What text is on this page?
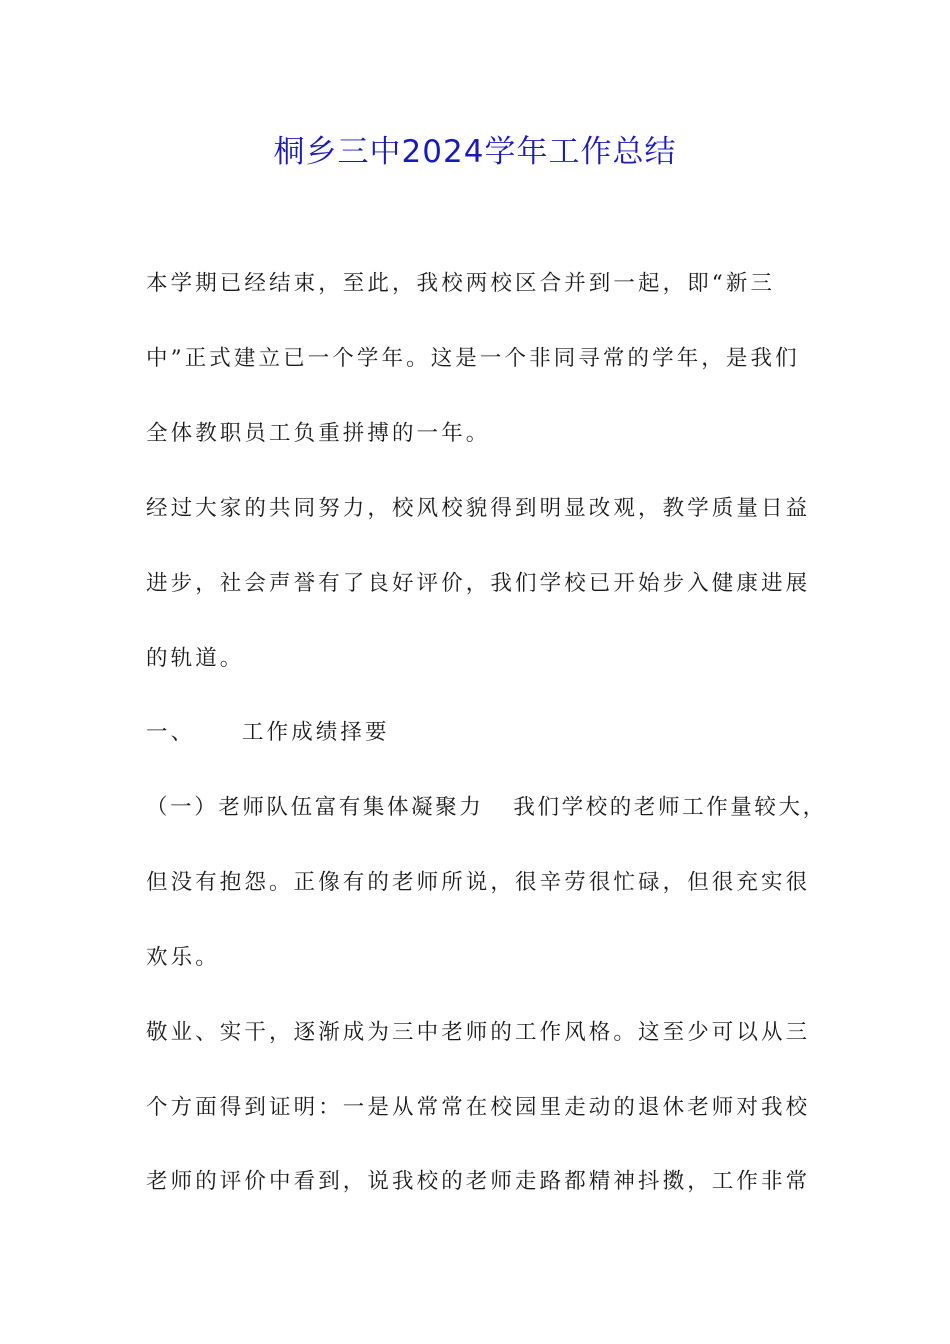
桐乡三中2024学年工作总结
本学期已经结束，至此，我校两校区合并到一起，即“新三
中”正式建立已一个学年。这是一个非同寻常的学年，是我们
全体教职员工负重拼搏的一年。
经过大家的共同努力，校风校貌得到明显改观，教学质量日益
进步，社会声誉有了良好评价，我们学校已开始步入健康进展
的轨道。
一、 工作成绩择要
（一）老师队伍富有集体凝聚力 我们学校的老师工作量较大，
但没有抱怨。正像有的老师所说，很辛劳很忙碌，但很充实很
欢乐。
敬业、实干，逐渐成为三中老师的工作风格。这至少可以从三
个方面得到证明：一是从常常在校园里走动的退休老师对我校
老师的评价中看到，说我校的老师走路都精神抖擞，工作非常
